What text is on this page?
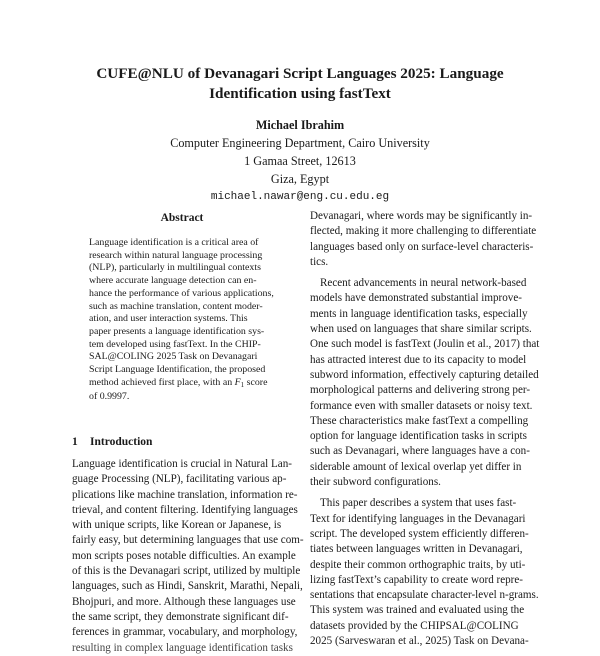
CUFE@NLU of Devanagari Script Languages 2025: Language
Identification using fastText
Michael Ibrahim
Computer Engineering Department, Cairo University
1 Gamaa Street, 12613
Giza, Egypt
michael.nawar@eng.cu.edu.eg
Abstract
Language identification is a critical area of
research within natural language processing
(NLP), particularly in multilingual contexts
where accurate language detection can en-
hance the performance of various applications,
such as machine translation, content moder-
ation, and user interaction systems. This
paper presents a language identification sys-
tem developed using fastText. In the CHIP-
SAL@COLING 2025 Task on Devanagari
Script Language Identification, the proposed
method achieved first place, with an $F_1$ score
of 0.9997.
1 Introduction
Language identification is crucial in Natural Lan-
guage Processing (NLP), facilitating various ap-
plications like machine translation, information re-
trieval, and content filtering. Identifying languages
with unique scripts, like Korean or Japanese, is
fairly easy, but determining languages that use com-
mon scripts poses notable difficulties. An example
of this is the Devanagari script, utilized by multiple
languages, such as Hindi, Sanskrit, Marathi, Nepali,
Bhojpuri, and more. Although these languages use
the same script, they demonstrate significant dif-
ferences in grammar, vocabulary, and morphology,
resulting in complex language identification tasks
Devanagari, where words may be significantly in-
flected, making it more challenging to differentiate
languages based only on surface-level characteris-
tics.
Recent advancements in neural network-based
models have demonstrated substantial improve-
ments in language identification tasks, especially
when used on languages that share similar scripts.
One such model is fastText (Joulin et al., 2017) that
has attracted interest due to its capacity to model
subword information, effectively capturing detailed
morphological patterns and delivering strong per-
formance even with smaller datasets or noisy text.
These characteristics make fastText a compelling
option for language identification tasks in scripts
such as Devanagari, where languages have a con-
siderable amount of lexical overlap yet differ in
their subword configurations.
This paper describes a system that uses fast-
Text for identifying languages in the Devanagari
script. The developed system efficiently differen-
tiates between languages written in Devanagari,
despite their common orthographic traits, by uti-
lizing fastText’s capability to create word repre-
sentations that encapsulate character-level n-grams.
This system was trained and evaluated using the
datasets provided by the CHIPSAL@COLING
2025 (Sarveswaran et al., 2025) Task on Devana-
